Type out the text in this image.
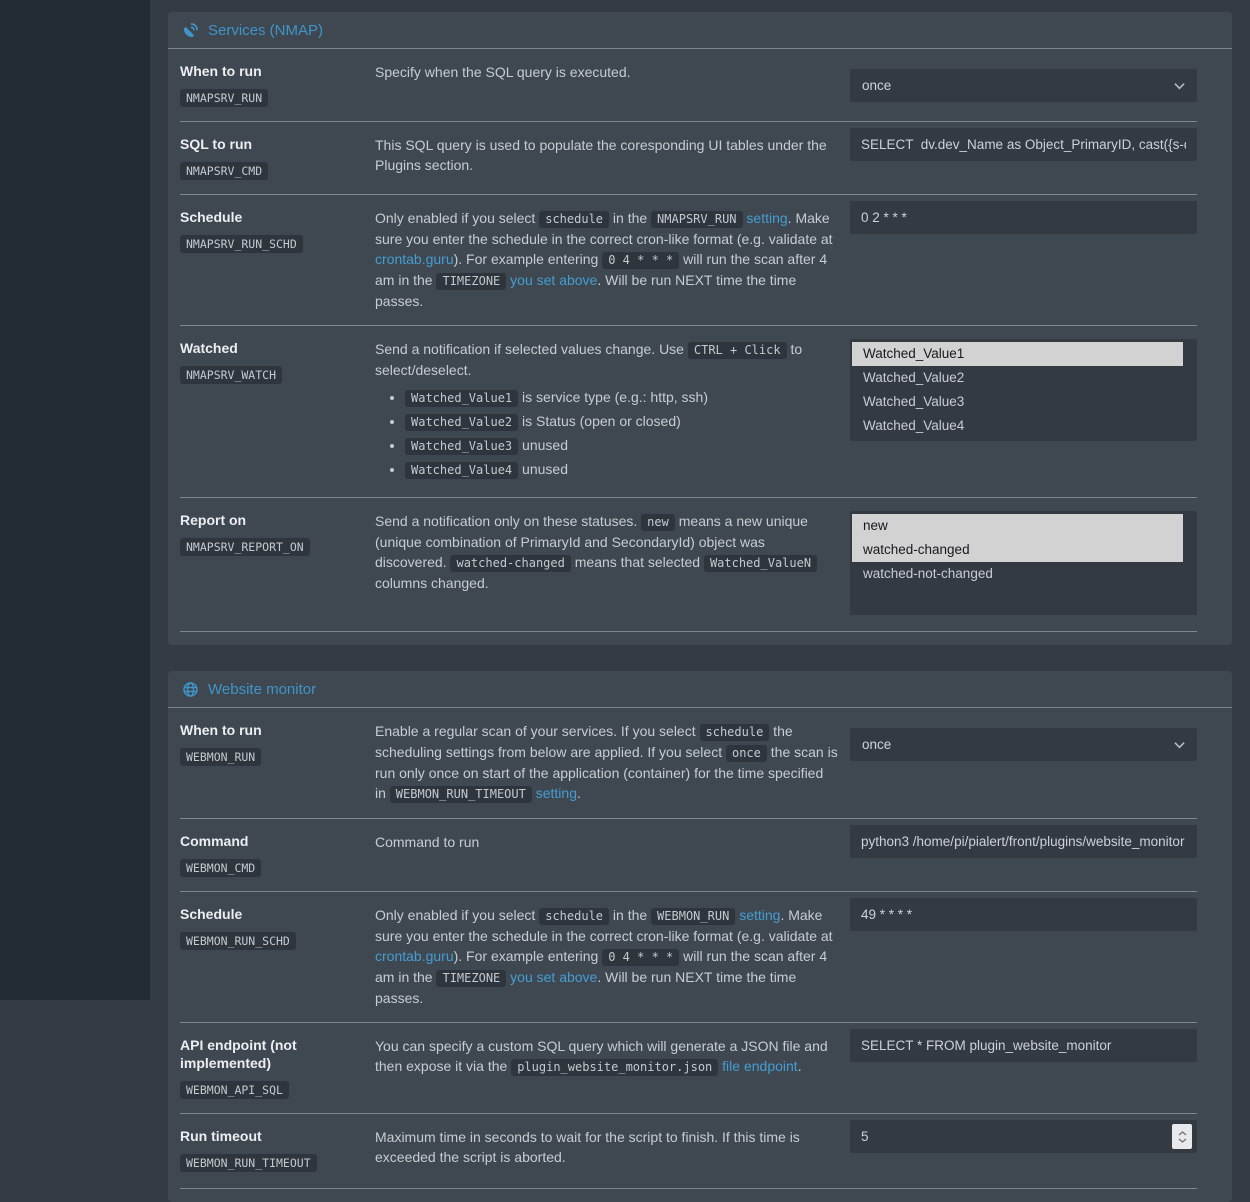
Services (NMAP)
When to run
NMAPSRV_RUN

Specify when the SQL query is executed.

once
SQL to run
NMAPSRV_CMD

This SQL query is used to populate the coresponding UI tables under the Plugins section.

SELECT dv.dev_Name as Object_PrimaryID, cast({s-quo
Schedule
NMAPSRV_RUN_SCHD

Only enabled if you select schedule in the NMAPSRV_RUN setting. Make sure you enter the schedule in the correct cron-like format (e.g. validate at crontab.guru). For example entering 0 4 * * * will run the scan after 4 am in the TIMEZONE you set above. Will be run NEXT time the time passes.

0 2 * * *
Watched
NMAPSRV_WATCH

Send a notification if selected values change. Use CTRL + Click to select/deselect.

• Watched_Value1 is service type (e.g.: http, ssh)
• Watched_Value2 is Status (open or closed)
• Watched_Value3 unused
• Watched_Value4 unused
Watched_Value1
Watched_Value2
Watched_Value3
Watched_Value4
Report on
NMAPSRV_REPORT_ON

Send a notification only on these statuses. new means a new unique (unique combination of PrimaryId and SecondaryId) object was discovered. watched-changed means that selected Watched_ValueN columns changed.

new
watched-changed
watched-not-changed
Website monitor
When to run
WEBMON_RUN

Enable a regular scan of your services. If you select schedule the scheduling settings from below are applied. If you select once the scan is run only once on start of the application (container) for the time specified in WEBMON_RUN_TIMEOUT setting.

once
Command
WEBMON_CMD

Command to run

python3 /home/pi/pialert/front/plugins/website_monitor
Schedule
WEBMON_RUN_SCHD

Only enabled if you select schedule in the WEBMON_RUN setting. Make sure you enter the schedule in the correct cron-like format (e.g. validate at crontab.guru). For example entering 0 4 * * * will run the scan after 4 am in the TIMEZONE you set above. Will be run NEXT time the time passes.

49 * * * *
API endpoint (not implemented)
WEBMON_API_SQL

You can specify a custom SQL query which will generate a JSON file and then expose it via the plugin_website_monitor.json file endpoint.

SELECT * FROM plugin_website_monitor
Run timeout
WEBMON_RUN_TIMEOUT

Maximum time in seconds to wait for the script to finish. If this time is exceeded the script is aborted.

5
